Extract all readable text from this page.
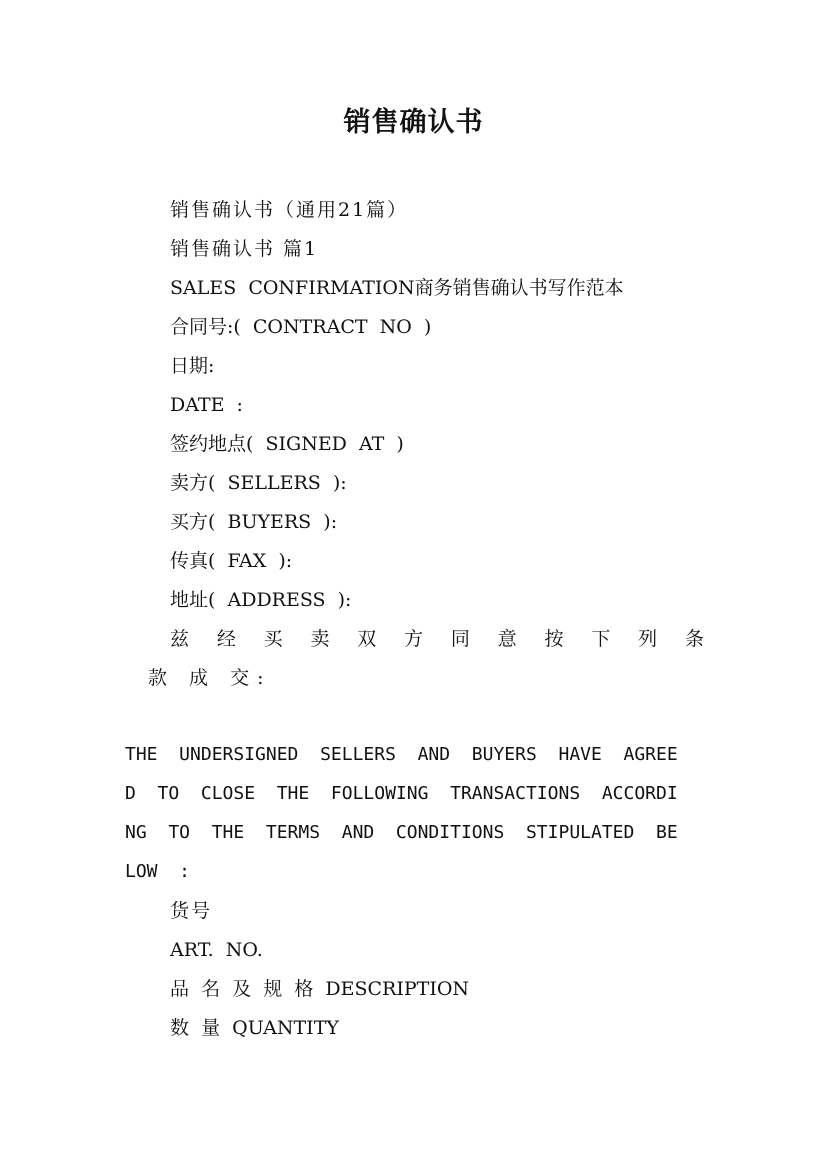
销售确认书
销售确认书（通用21篇）
销售确认书 篇1
SALES  CONFIRMATION商务销售确认书写作范本
合同号:(  CONTRACT  NO  )
日期:
DATE  :
签约地点(  SIGNED  AT  )
卖方(  SELLERS  ):
买方(  BUYERS  ):
传真(  FAX  ):
地址(  ADDRESS  ):
兹 经 买 卖 双 方 同 意 按 下 列 条
款 成 交:
THE  UNDERSIGNED  SELLERS  AND  BUYERS  HAVE  AGREE
D  TO  CLOSE  THE  FOLLOWING  TRANSACTIONS  ACCORDI
NG  TO  THE  TERMS  AND  CONDITIONS  STIPULATED  BE
LOW  :
货号
ART.  NO.
品  名  及  规  格  DESCRIPTION
数  量  QUANTITY
